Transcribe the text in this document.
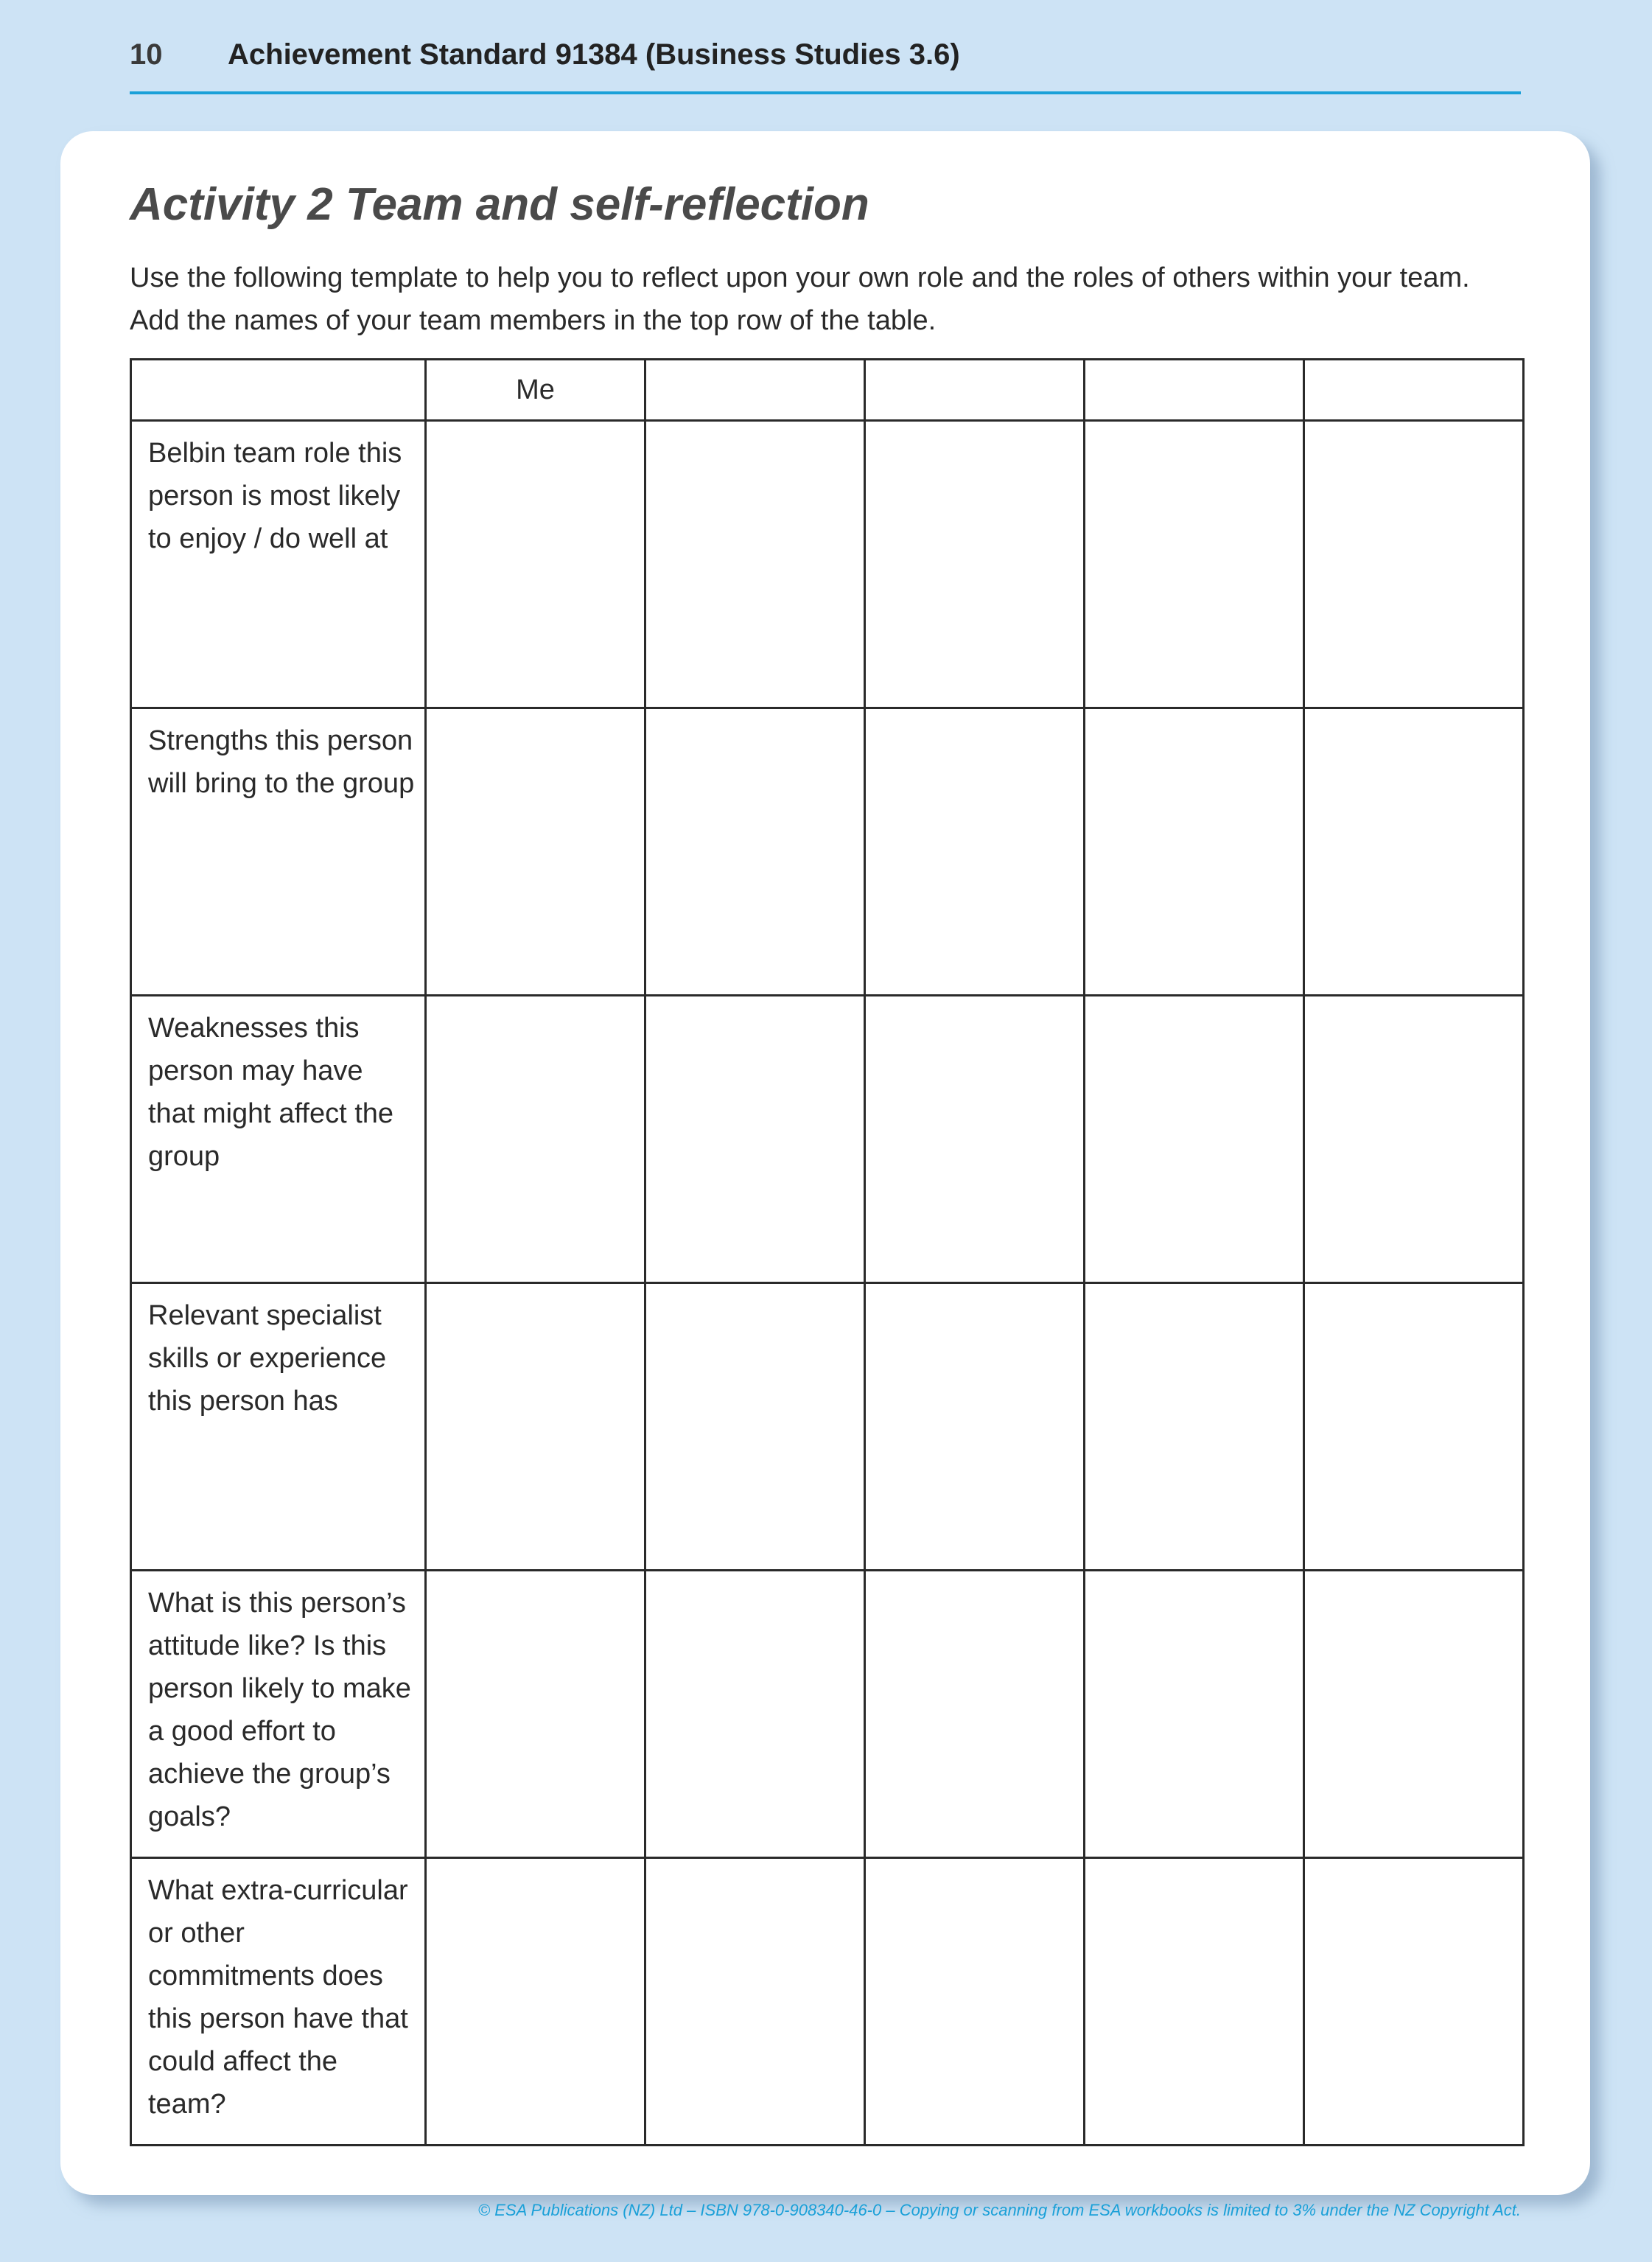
10 Achievement Standard 91384 (Business Studies 3.6)
Activity 2 Team and self-reflection

Use the following template to help you to reflect upon your own role and the roles of others within your team.

Add the names of your team members in the top row of the table.

	Me				
Belbin team role this person is most likely to enjoy / do well at					
Strengths this person will bring to the group					
Weaknesses this person may have that might affect the group					
Relevant specialist skills or experience this person has					
What is this person’s attitude like? Is this person likely to make a good effort to achieve the group’s goals?					
What extra-curricular or other commitments does this person have that could affect the team?					
© ESA Publications (NZ) Ltd – ISBN 978-0-908340-46-0 – Copying or scanning from ESA workbooks is limited to 3% under the NZ Copyright Act.
